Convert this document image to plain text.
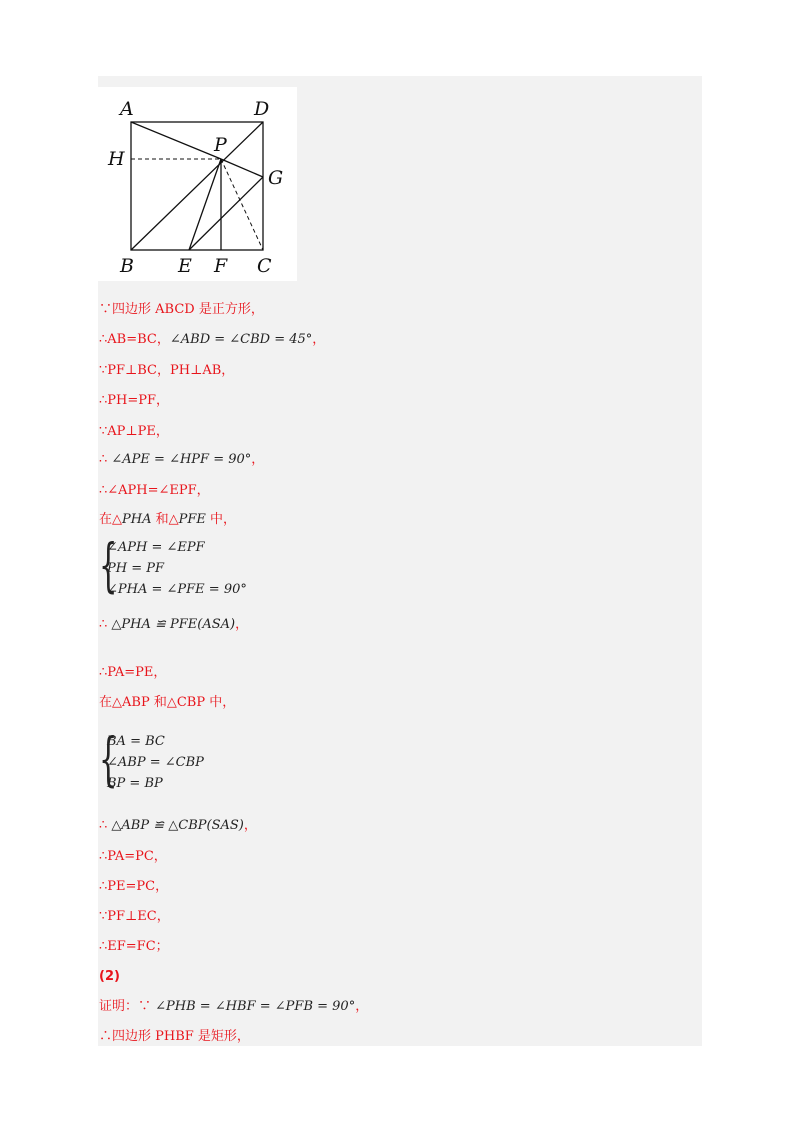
A	D
P
H
G
B E F C
∵四边形 ABCD 是正方形，
∴AB=BC，∠ABD = ∠CBD = 45°，
∵PF⊥BC，PH⊥AB，
∴PH=PF，
∵AP⊥PE，
∴ ∠APE = ∠HPF = 90°，
∴∠APH=∠EPF，
在△PHA 和△PFE 中，
{
∠APH = ∠EPF
PH = PF
∠PHA = ∠PFE = 90°
∴ △PHA ≌ PFE(ASA)，
∴PA=PE，
在△ABP 和△CBP 中，
{
BA = BC
∠ABP = ∠CBP
BP = BP
∴ △ABP ≌ △CBP(SAS)，
∴PA=PC，
∴PE=PC，
∵PF⊥EC，
∴EF=FC；
(2)
证明：∵ ∠PHB = ∠HBF = ∠PFB = 90°，
∴四边形 PHBF 是矩形，
